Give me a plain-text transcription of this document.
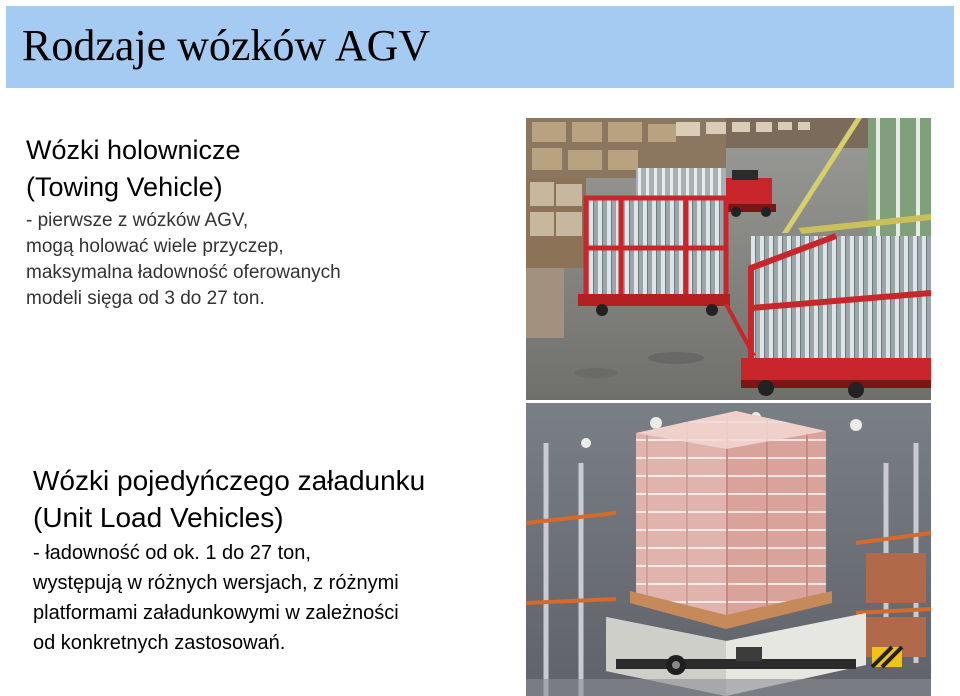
Rodzaje wózków AGV
Wózki holownicze
(Towing Vehicle)
- pierwsze z wózków AGV,
mogą holować wiele przyczep,
maksymalna ładowność oferowanych
modeli sięga od 3 do 27 ton.
Wózki pojedyńczego załadunku
(Unit Load Vehicles)
- ładowność od ok. 1 do 27 ton,
występują w różnych wersjach, z różnymi
platformami załadunkowymi w zależności
od konkretnych zastosowań.
